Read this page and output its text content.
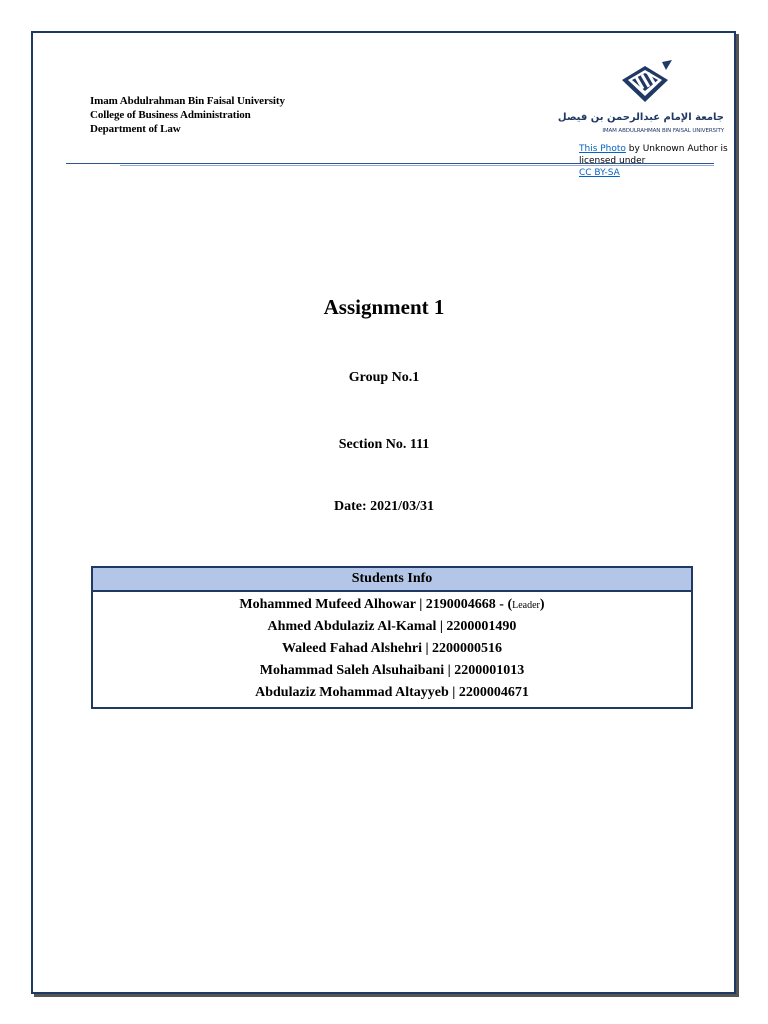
Imam Abdulrahman Bin Faisal University
College of Business Administration
Department of Law
جامعة الإمام عبدالرحمن بن فيصل
IMAM ABDULRAHMAN BIN FAISAL UNIVERSITY
This Photo by Unknown Author is licensed under
CC BY-SA
Assignment 1
Group No.1
Section No. 111
Date: 2021/03/31
Students Info
Mohammed Mufeed Alhowar | 2190004668 - (Leader)
Ahmed Abdulaziz Al-Kamal | 2200001490
Waleed Fahad Alshehri | 2200000516
Mohammad Saleh Alsuhaibani | 2200001013
Abdulaziz Mohammad Altayyeb | 2200004671
